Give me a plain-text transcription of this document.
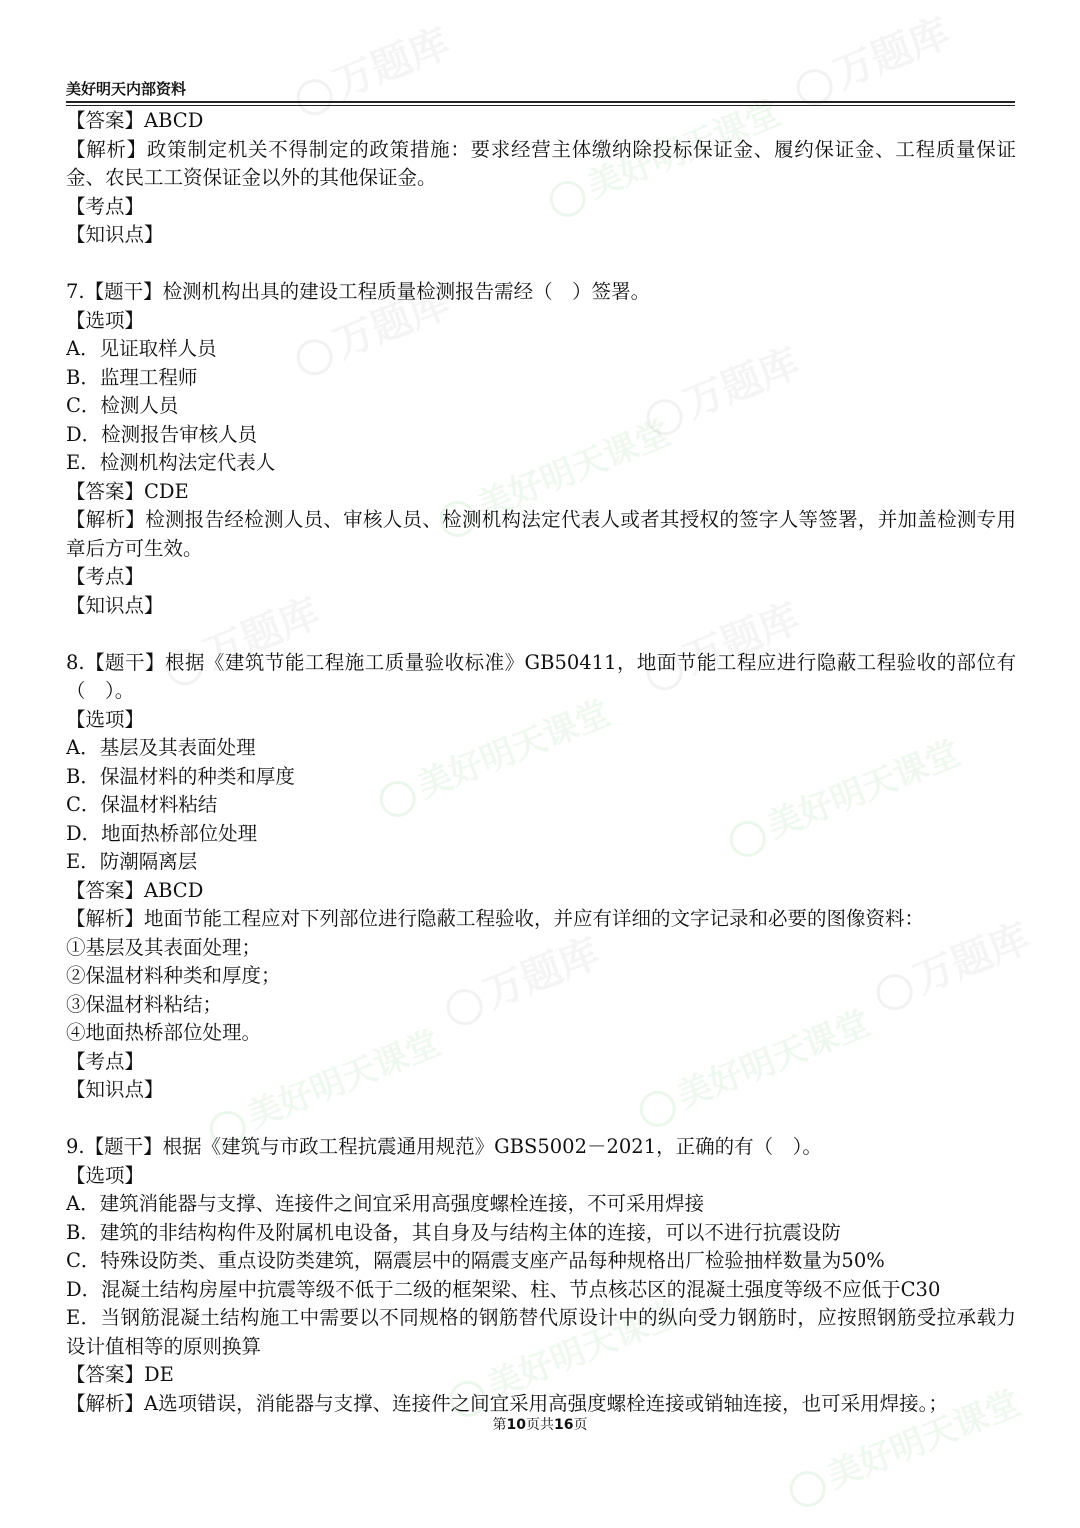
万题库	万题库
美好明天课堂
万题库
美好明天课堂
万题库
万题库	万题库
美好明天课堂	美好明天课堂
万题库	万题库
美好明天课堂	美好明天课堂
美好明天课堂
美好明天课堂
美好明天内部资料
【答案】ABCD
【解析】政策制定机关不得制定的政策措施：要求经营主体缴纳除投标保证金、履约保证金、工程质量保证金、农民工工资保证金以外的其他保证金。
【考点】
【知识点】
7.【题干】检测机构出具的建设工程质量检测报告需经（　）签署。
【选项】
A．见证取样人员
B．监理工程师
C．检测人员
D．检测报告审核人员
E．检测机构法定代表人
【答案】CDE
【解析】检测报告经检测人员、审核人员、检测机构法定代表人或者其授权的签字人等签署，并加盖检测专用章后方可生效。
【考点】
【知识点】
8.【题干】根据《建筑节能工程施工质量验收标准》GB50411，地面节能工程应进行隐蔽工程验收的部位有（　）。
【选项】
A．基层及其表面处理
B．保温材料的种类和厚度
C．保温材料粘结
D．地面热桥部位处理
E．防潮隔离层
【答案】ABCD
【解析】地面节能工程应对下列部位进行隐蔽工程验收，并应有详细的文字记录和必要的图像资料：
①基层及其表面处理；
②保温材料种类和厚度；
③保温材料粘结；
④地面热桥部位处理。
【考点】
【知识点】
9.【题干】根据《建筑与市政工程抗震通用规范》GBS5002－2021，正确的有（　）。
【选项】
A．建筑消能器与支撑、连接件之间宜采用高强度螺栓连接，不可采用焊接
B．建筑的非结构构件及附属机电设备，其自身及与结构主体的连接，可以不进行抗震设防
C．特殊设防类、重点设防类建筑，隔震层中的隔震支座产品每种规格出厂检验抽样数量为50%
D．混凝土结构房屋中抗震等级不低于二级的框架梁、柱、节点核芯区的混凝土强度等级不应低于C30
E．当钢筋混凝土结构施工中需要以不同规格的钢筋替代原设计中的纵向受力钢筋时，应按照钢筋受拉承载力设计值相等的原则换算
【答案】DE
【解析】A选项错误，消能器与支撑、连接件之间宜采用高强度螺栓连接或销轴连接，也可采用焊接。；
第10页共16页
